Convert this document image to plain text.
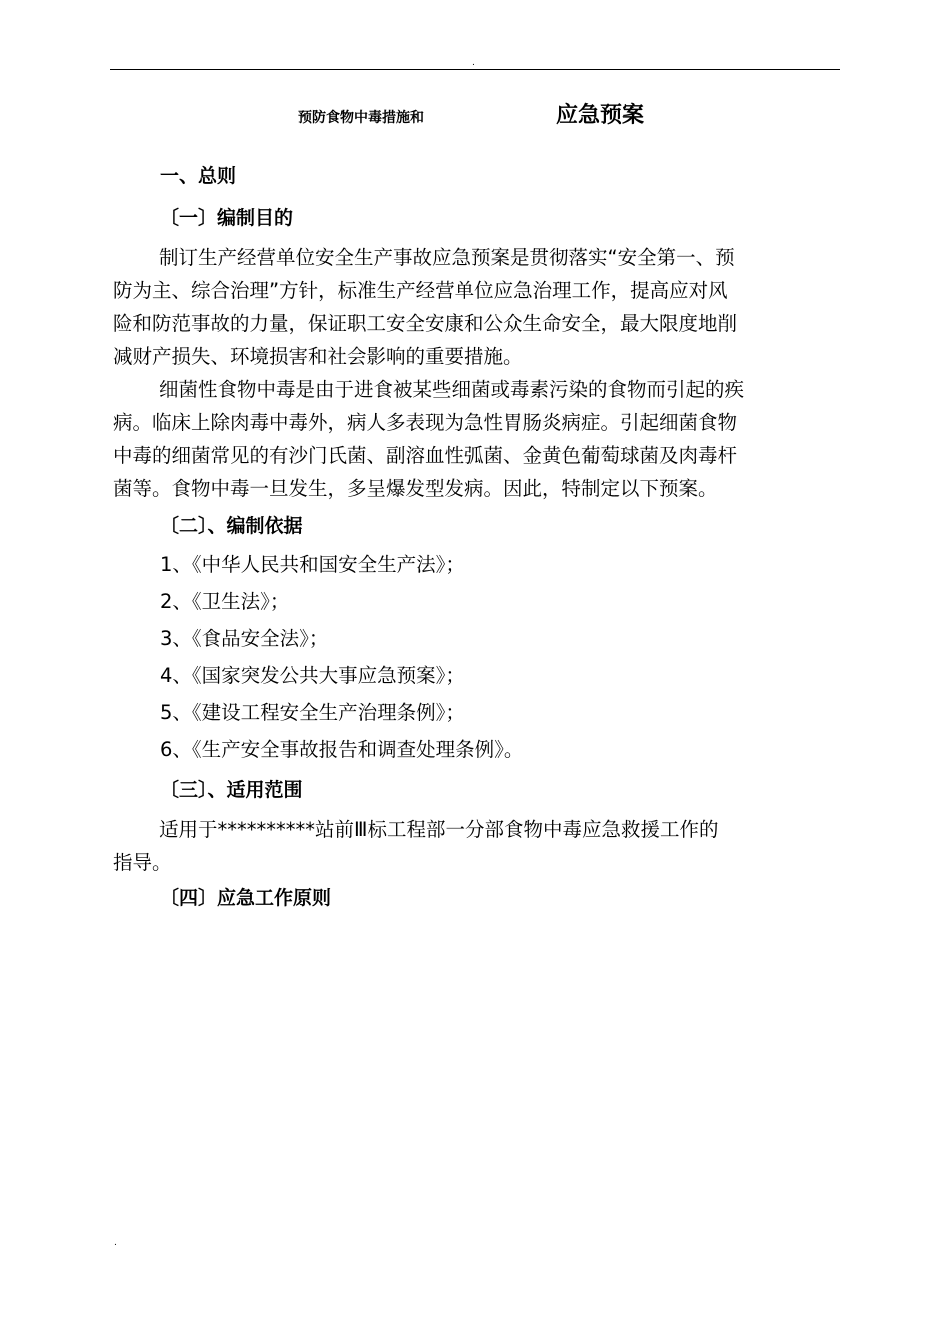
.
预防食物中毒措施和	应急预案
一、总则
〔一〕编制目的
制订生产经营单位安全生产事故应急预案是贯彻落实“安全第一、预
防为主、综合治理”方针，标准生产经营单位应急治理工作，提高应对风
险和防范事故的力量，保证职工安全安康和公众生命安全，最大限度地削
减财产损失、环境损害和社会影响的重要措施。
细菌性食物中毒是由于进食被某些细菌或毒素污染的食物而引起的疾
病。临床上除肉毒中毒外，病人多表现为急性胃肠炎病症。引起细菌食物
中毒的细菌常见的有沙门氏菌、副溶血性弧菌、金黄色葡萄球菌及肉毒杆
菌等。食物中毒一旦发生，多呈爆发型发病。因此，特制定以下预案。
〔二〕、编制依据
1、《中华人民共和国安全生产法》；
2、《卫生法》；
3、《食品安全法》；
4、《国家突发公共大事应急预案》；
5、《建设工程安全生产治理条例》；
6、《生产安全事故报告和调查处理条例》。
〔三〕、适用范围
适用于**********站前Ⅲ标工程部一分部食物中毒应急救援工作的
指导。
〔四〕应急工作原则
.
